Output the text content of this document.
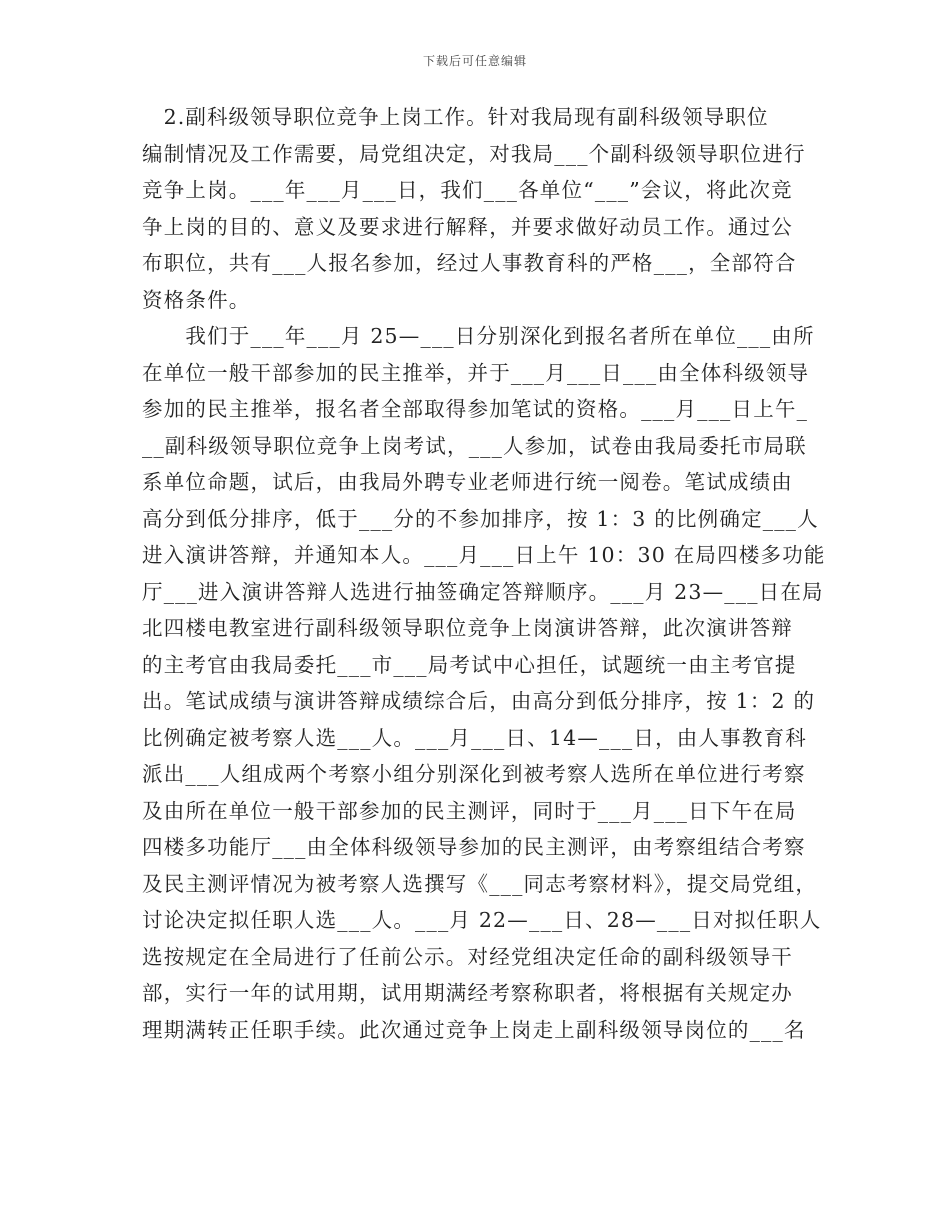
下载后可任意编辑
　2.副科级领导职位竞争上岗工作。针对我局现有副科级领导职位
编制情况及工作需要，局党组决定，对我局___个副科级领导职位进行
竞争上岗。___年___月___日，我们___各单位“___”会议，将此次竞
争上岗的目的、意义及要求进行解释，并要求做好动员工作。通过公
布职位，共有___人报名参加，经过人事教育科的严格___，全部符合
资格条件。
　　我们于___年___月 25—___日分别深化到报名者所在单位___由所
在单位一般干部参加的民主推举，并于___月___日___由全体科级领导
参加的民主推举，报名者全部取得参加笔试的资格。___月___日上午_
__副科级领导职位竞争上岗考试，___人参加，试卷由我局委托市局联
系单位命题，试后，由我局外聘专业老师进行统一阅卷。笔试成绩由
高分到低分排序，低于___分的不参加排序，按 1：3 的比例确定___人
进入演讲答辩，并通知本人。___月___日上午 10：30 在局四楼多功能
厅___进入演讲答辩人选进行抽签确定答辩顺序。___月 23—___日在局
北四楼电教室进行副科级领导职位竞争上岗演讲答辩，此次演讲答辩
的主考官由我局委托___市___局考试中心担任，试题统一由主考官提
出。笔试成绩与演讲答辩成绩综合后，由高分到低分排序，按 1：2 的
比例确定被考察人选___人。___月___日、14—___日，由人事教育科
派出___人组成两个考察小组分别深化到被考察人选所在单位进行考察
及由所在单位一般干部参加的民主测评，同时于___月___日下午在局
四楼多功能厅___由全体科级领导参加的民主测评，由考察组结合考察
及民主测评情况为被考察人选撰写《___同志考察材料》，提交局党组，
讨论决定拟任职人选___人。___月 22—___日、28—___日对拟任职人
选按规定在全局进行了任前公示。对经党组决定任命的副科级领导干
部，实行一年的试用期，试用期满经考察称职者，将根据有关规定办
理期满转正任职手续。此次通过竞争上岗走上副科级领导岗位的___名
